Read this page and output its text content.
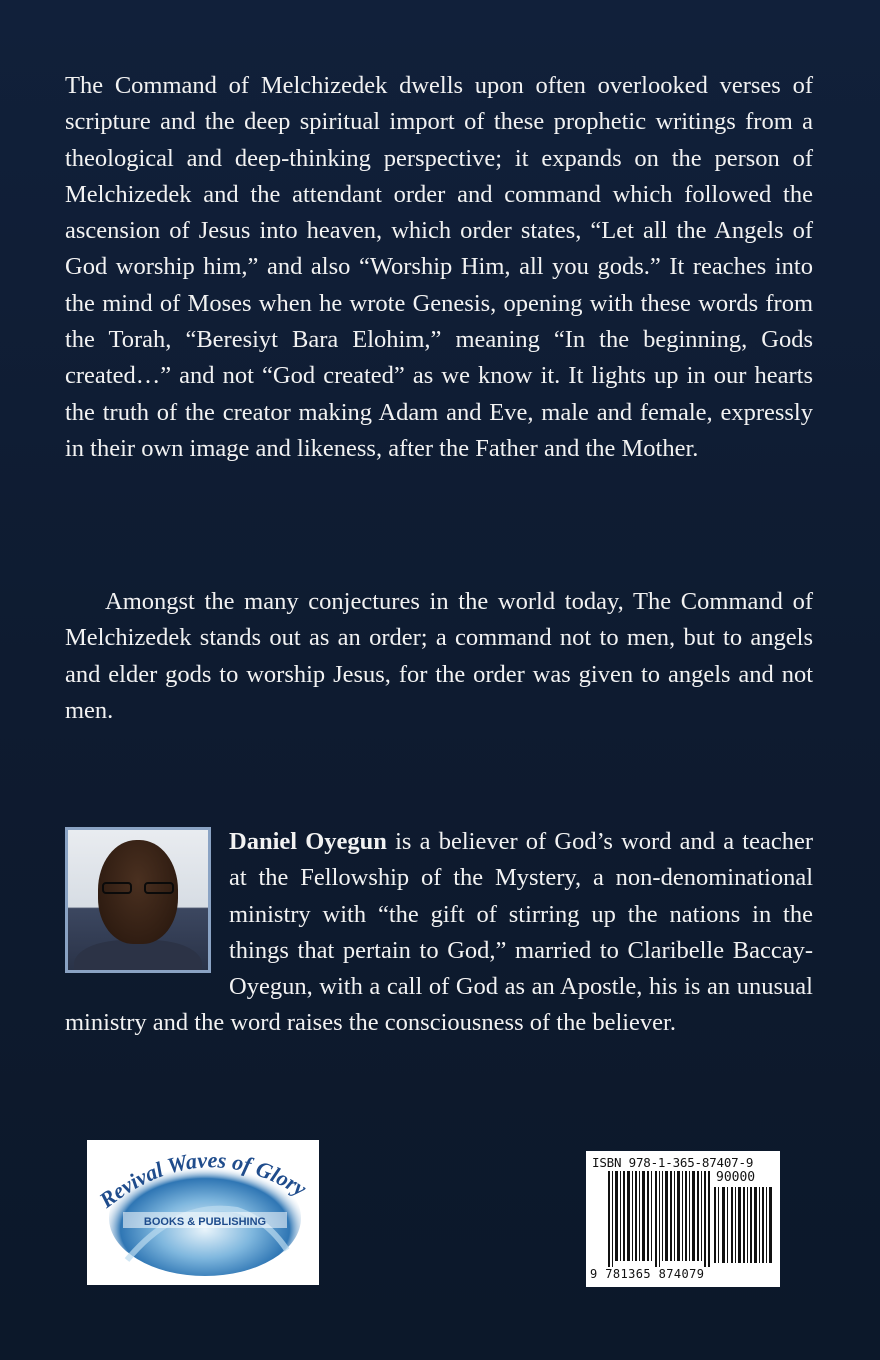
The Command of Melchizedek dwells upon often overlooked verses of scripture and the deep spiritual import of these prophetic writings from a theological and deep-thinking perspective; it expands on the person of Melchizedek and the attendant order and command which followed the ascension of Jesus into heaven, which order states, “Let all the Angels of God worship him,” and also “Worship Him, all you gods.” It reaches into the mind of Moses when he wrote Genesis, opening with these words from the Torah, “Beresiyt Bara Elohim,” meaning “In the beginning, Gods created…” and not “God created” as we know it. It lights up in our hearts the truth of the creator making Adam and Eve, male and female, expressly in their own image and likeness, after the Father and the Mother.

Amongst the many conjectures in the world today, The Command of Melchizedek stands out as an order; a command not to men, but to angels and elder gods to worship Jesus, for the order was given to angels and not men.

Daniel Oyegun is a believer of God’s word and a teacher at the Fellowship of the Mystery, a non-denominational ministry with “the gift of stirring up the nations in the things that pertain to God,” married to Claribelle Baccay-Oyegun, with a call of God as an Apostle, his is an unusual ministry and the word raises the consciousness of the believer.
Revival Waves of Glory
BOOKS & PUBLISHING
ISBN 978-1-365-87407-9
90000
9 781365 874079
